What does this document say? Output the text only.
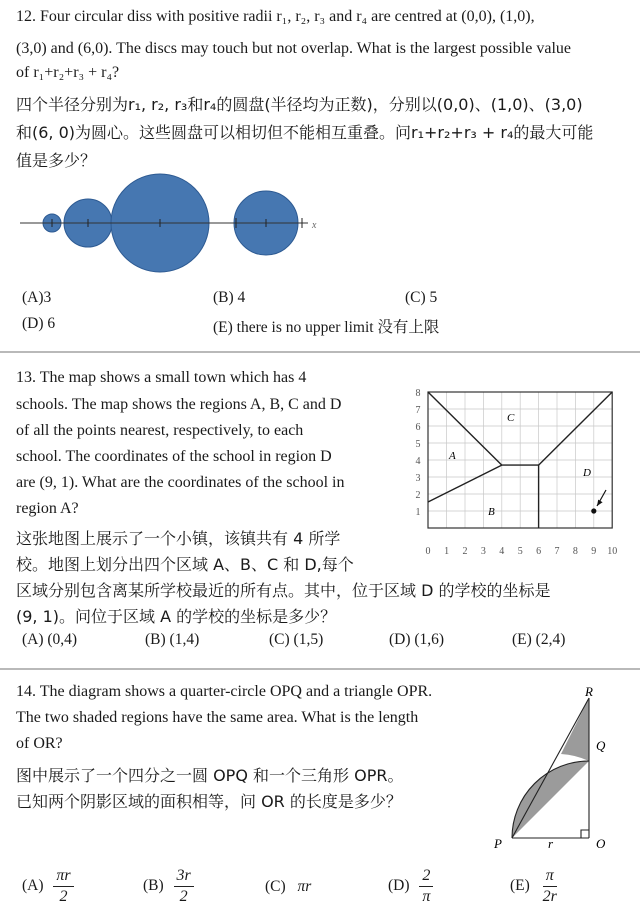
12. Four circular diss with positive radii r₁, r₂, r₃ and r₄ are centred at (0,0), (1,0),
(3,0) and (6,0). The discs may touch but not overlap. What is the largest possible value
of r₁+r₂+r₃ + r₄?
四个半径分别为r₁, r₂, r₃和r₄的圆盘(半径均为正数)，分别以(0,0)、(1,0)、(3,0)
和(6, 0)为圆心。这些圆盘可以相切但不能相互重叠。问r₁+r₂+r₃ + r₄的最大可能
值是多少？
x
(A)3	(B) 4	(C) 5
(D) 6	(E) there is no upper limit 没有上限
13. The map shows a small town which has 4
schools. The map shows the regions A, B, C and D
of all the points nearest, respectively, to each
school. The coordinates of the school in region D
are (9, 1). What are the coordinates of the school in
region A?
这张地图上展示了一个小镇，该镇共有 4 所学
校。地图上划分出四个区域 A、B、C 和 D,每个
区域分别包含离某所学校最近的所有点。其中，位于区域 D 的学校的坐标是
(9, 1)。问位于区域 A 的学校的坐标是多少？
A
B
C
D
0 1 2 3 4 5 6 7 8 9 10
1
2
3
4
5
6
7
8
(A) (0,4)	(B) (1,4)	(C) (1,5)	(D) (1,6)	(E) (2,4)
14. The diagram shows a quarter-circle OPQ and a triangle OPR.
The two shaded regions have the same area. What is the length
of OR?
图中展示了一个四分之一圆 OPQ 和一个三角形 OPR。
已知两个阴影区域的面积相等，问 OR 的长度是多少？
R
Q
P	O
r
$(A) \frac{\pi r}{2}$	$(B) \frac{3r}{2}$	(C) πr	$(D) \frac{2}{\pi}$	$(E) \frac{\pi}{2r}$
